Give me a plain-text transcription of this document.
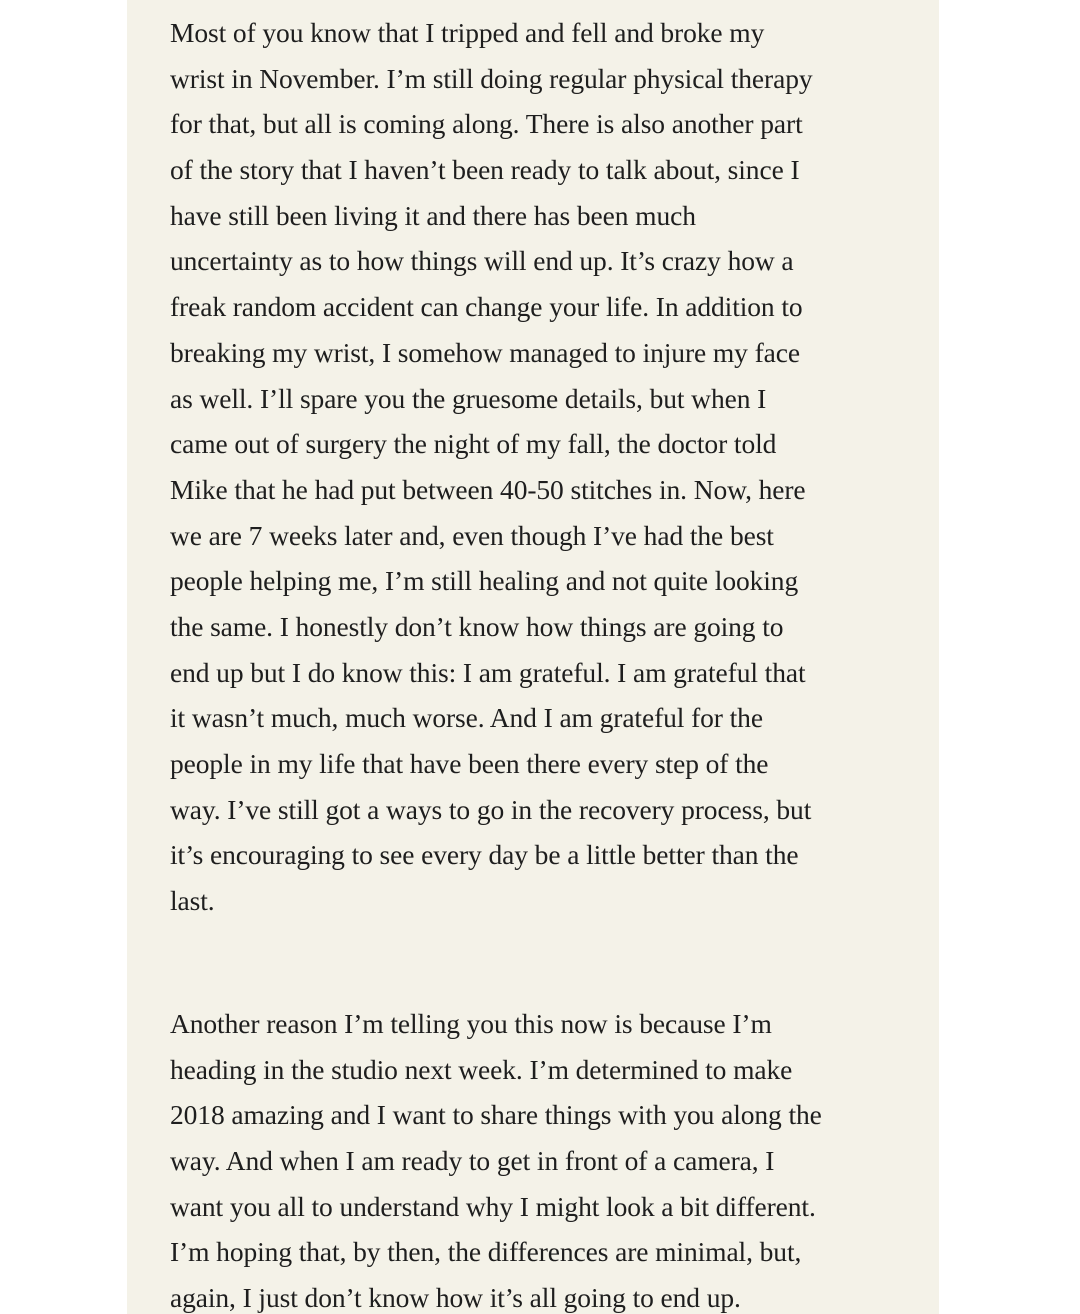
Most of you know that I tripped and fell and broke my
wrist in November. I’m still doing regular physical therapy
for that, but all is coming along. There is also another part
of the story that I haven’t been ready to talk about, since I
have still been living it and there has been much
uncertainty as to how things will end up. It’s crazy how a
freak random accident can change your life. In addition to
breaking my wrist, I somehow managed to injure my face
as well. I’ll spare you the gruesome details, but when I
came out of surgery the night of my fall, the doctor told
Mike that he had put between 40-50 stitches in. Now, here
we are 7 weeks later and, even though I’ve had the best
people helping me, I’m still healing and not quite looking
the same. I honestly don’t know how things are going to
end up but I do know this: I am grateful. I am grateful that
it wasn’t much, much worse. And I am grateful for the
people in my life that have been there every step of the
way. I’ve still got a ways to go in the recovery process, but
it’s encouraging to see every day be a little better than the
last.
Another reason I’m telling you this now is because I’m
heading in the studio next week. I’m determined to make
2018 amazing and I want to share things with you along the
way. And when I am ready to get in front of a camera, I
want you all to understand why I might look a bit different.
I’m hoping that, by then, the differences are minimal, but,
again, I just don’t know how it’s all going to end up.
